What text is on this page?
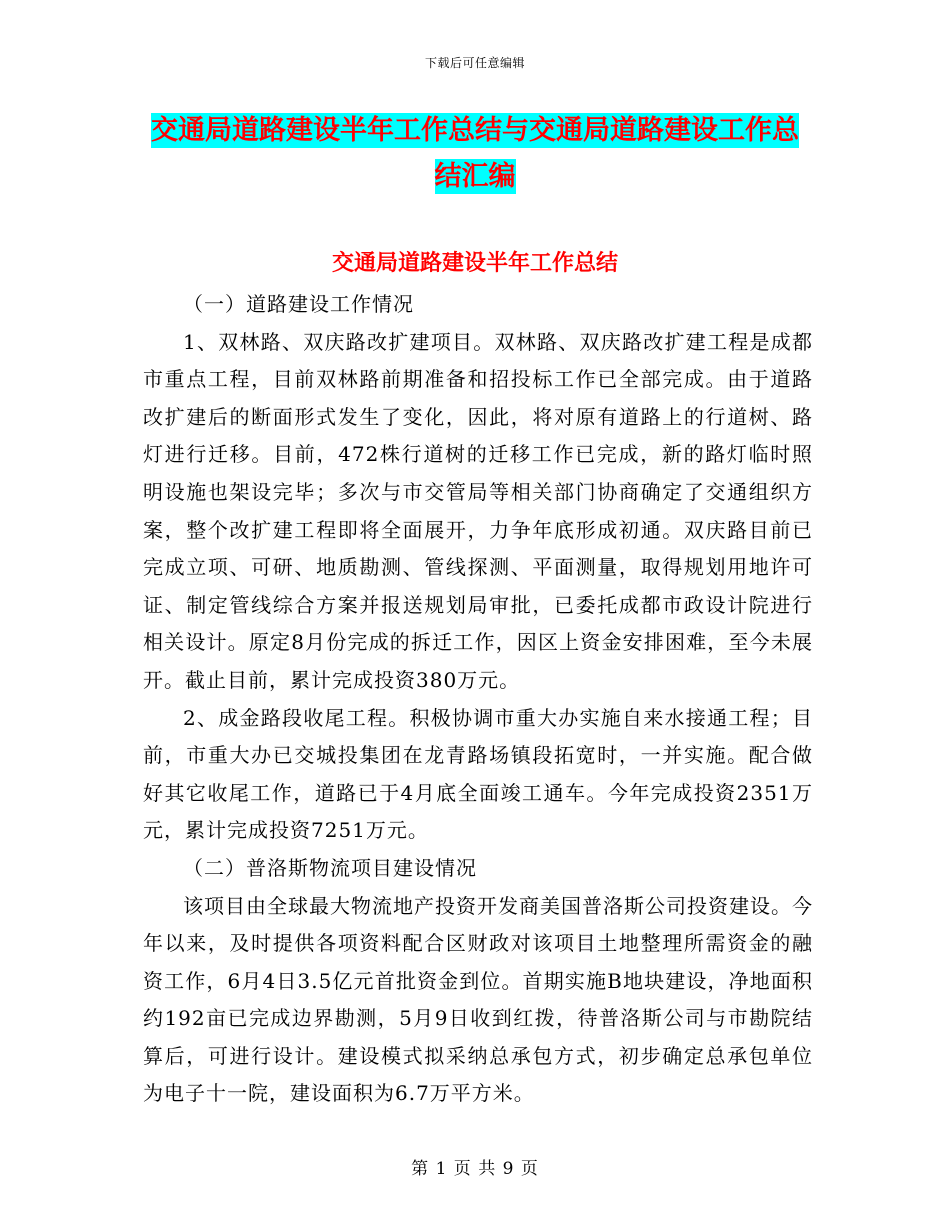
下载后可任意编辑
交通局道路建设半年工作总结与交通局道路建设工作总结汇编
交通局道路建设半年工作总结

（一）道路建设工作情况

1、双林路、双庆路改扩建项目。双林路、双庆路改扩建工程是成都市重点工程，目前双林路前期准备和招投标工作已全部完成。由于道路改扩建后的断面形式发生了变化，因此，将对原有道路上的行道树、路灯进行迁移。目前，472株行道树的迁移工作已完成，新的路灯临时照明设施也架设完毕；多次与市交管局等相关部门协商确定了交通组织方案，整个改扩建工程即将全面展开，力争年底形成初通。双庆路目前已完成立项、可研、地质勘测、管线探测、平面测量，取得规划用地许可证、制定管线综合方案并报送规划局审批，已委托成都市政设计院进行相关设计。原定8月份完成的拆迁工作，因区上资金安排困难，至今未展开。截止目前，累计完成投资380万元。

2、成金路段收尾工程。积极协调市重大办实施自来水接通工程；目前，市重大办已交城投集团在龙青路场镇段拓宽时，一并实施。配合做好其它收尾工作，道路已于4月底全面竣工通车。今年完成投资2351万元，累计完成投资7251万元。

（二）普洛斯物流项目建设情况

该项目由全球最大物流地产投资开发商美国普洛斯公司投资建设。今年以来，及时提供各项资料配合区财政对该项目土地整理所需资金的融资工作，6月4日3.5亿元首批资金到位。首期实施B地块建设，净地面积约192亩已完成边界勘测，5月9日收到红拨，待普洛斯公司与市勘院结算后，可进行设计。建设模式拟采纳总承包方式，初步确定总承包单位为电子十一院，建设面积为6.7万平方米。

第 1 页 共 9 页
